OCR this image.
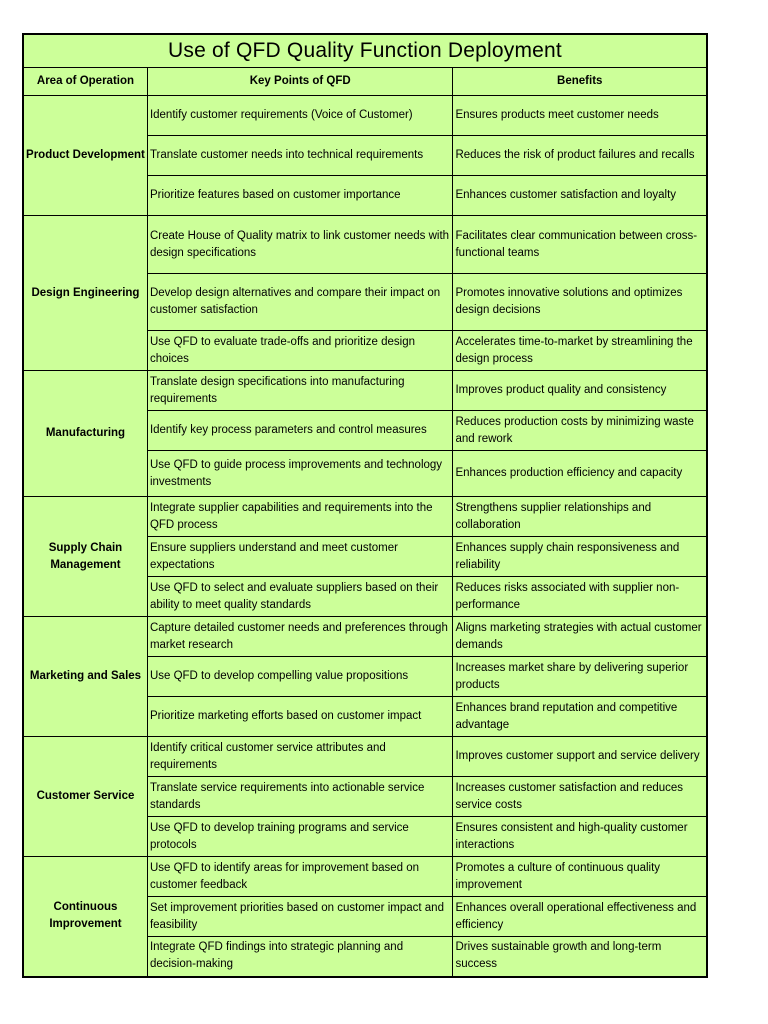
Use of QFD Quality Function Deployment		
Area of Operation	Key Points of QFD	Benefits
Product Development	Identify customer requirements (Voice of Customer)	Ensures products meet customer needs
	Translate customer needs into technical requirements	Reduces the risk of product failures and recalls
	Prioritize features based on customer importance	Enhances customer satisfaction and loyalty
Design Engineering	Create House of Quality matrix to link customer needs with design specifications	Facilitates clear communication between cross-functional teams
	Develop design alternatives and compare their impact on customer satisfaction	Promotes innovative solutions and optimizes design decisions
	Use QFD to evaluate trade-offs and prioritize design choices	Accelerates time-to-market by streamlining the design process
Manufacturing	Translate design specifications into manufacturing requirements	Improves product quality and consistency
	Identify key process parameters and control measures	Reduces production costs by minimizing waste and rework
	Use QFD to guide process improvements and technology investments	Enhances production efficiency and capacity
Supply Chain Management	Integrate supplier capabilities and requirements into the QFD process	Strengthens supplier relationships and collaboration
	Ensure suppliers understand and meet customer expectations	Enhances supply chain responsiveness and reliability
	Use QFD to select and evaluate suppliers based on their ability to meet quality standards	Reduces risks associated with supplier non-performance
Marketing and Sales	Capture detailed customer needs and preferences through market research	Aligns marketing strategies with actual customer demands
	Use QFD to develop compelling value propositions	Increases market share by delivering superior products
	Prioritize marketing efforts based on customer impact	Enhances brand reputation and competitive advantage
Customer Service	Identify critical customer service attributes and requirements	Improves customer support and service delivery
	Translate service requirements into actionable service standards	Increases customer satisfaction and reduces service costs
	Use QFD to develop training programs and service protocols	Ensures consistent and high-quality customer interactions
Continuous Improvement	Use QFD to identify areas for improvement based on customer feedback	Promotes a culture of continuous quality improvement
	Set improvement priorities based on customer impact and feasibility	Enhances overall operational effectiveness and efficiency
	Integrate QFD findings into strategic planning and decision-making	Drives sustainable growth and long-term success
